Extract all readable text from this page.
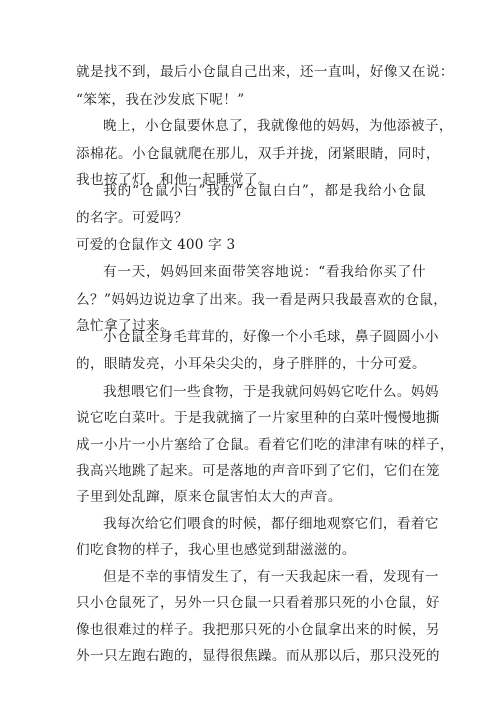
就是找不到，最后小仓鼠自己出来，还一直叫，好像又在说：
“笨笨，我在沙发底下呢！”
晚上，小仓鼠要休息了，我就像他的妈妈，为他添被子，
添棉花。小仓鼠就爬在那儿，双手并拢，闭紧眼睛，同时，
我也按了灯，和他一起睡觉了。
我的“仓鼠小白”我的“仓鼠白白”，都是我给小仓鼠
的名字。可爱吗？
可爱的仓鼠作文 400 字 3
有一天，妈妈回来面带笑容地说：“看我给你买了什
么？”妈妈边说边拿了出来。我一看是两只我最喜欢的仓鼠，
急忙拿了过来。
小仓鼠全身毛茸茸的，好像一个小毛球，鼻子圆圆小小
的，眼睛发亮，小耳朵尖尖的，身子胖胖的，十分可爱。
我想喂它们一些食物，于是我就问妈妈它吃什么。妈妈
说它吃白菜叶。于是我就摘了一片家里种的白菜叶慢慢地撕
成一小片一小片塞给了仓鼠。看着它们吃的津津有味的样子，
我高兴地跳了起来。可是落地的声音吓到了它们，它们在笼
子里到处乱蹿，原来仓鼠害怕太大的声音。
我每次给它们喂食的时候，都仔细地观察它们，看着它
们吃食物的样子，我心里也感觉到甜滋滋的。
但是不幸的事情发生了，有一天我起床一看，发现有一
只小仓鼠死了，另外一只仓鼠一只看着那只死的小仓鼠，好
像也很难过的样子。我把那只死的小仓鼠拿出来的时候，另
外一只左跑右跑的，显得很焦躁。而从那以后，那只没死的
